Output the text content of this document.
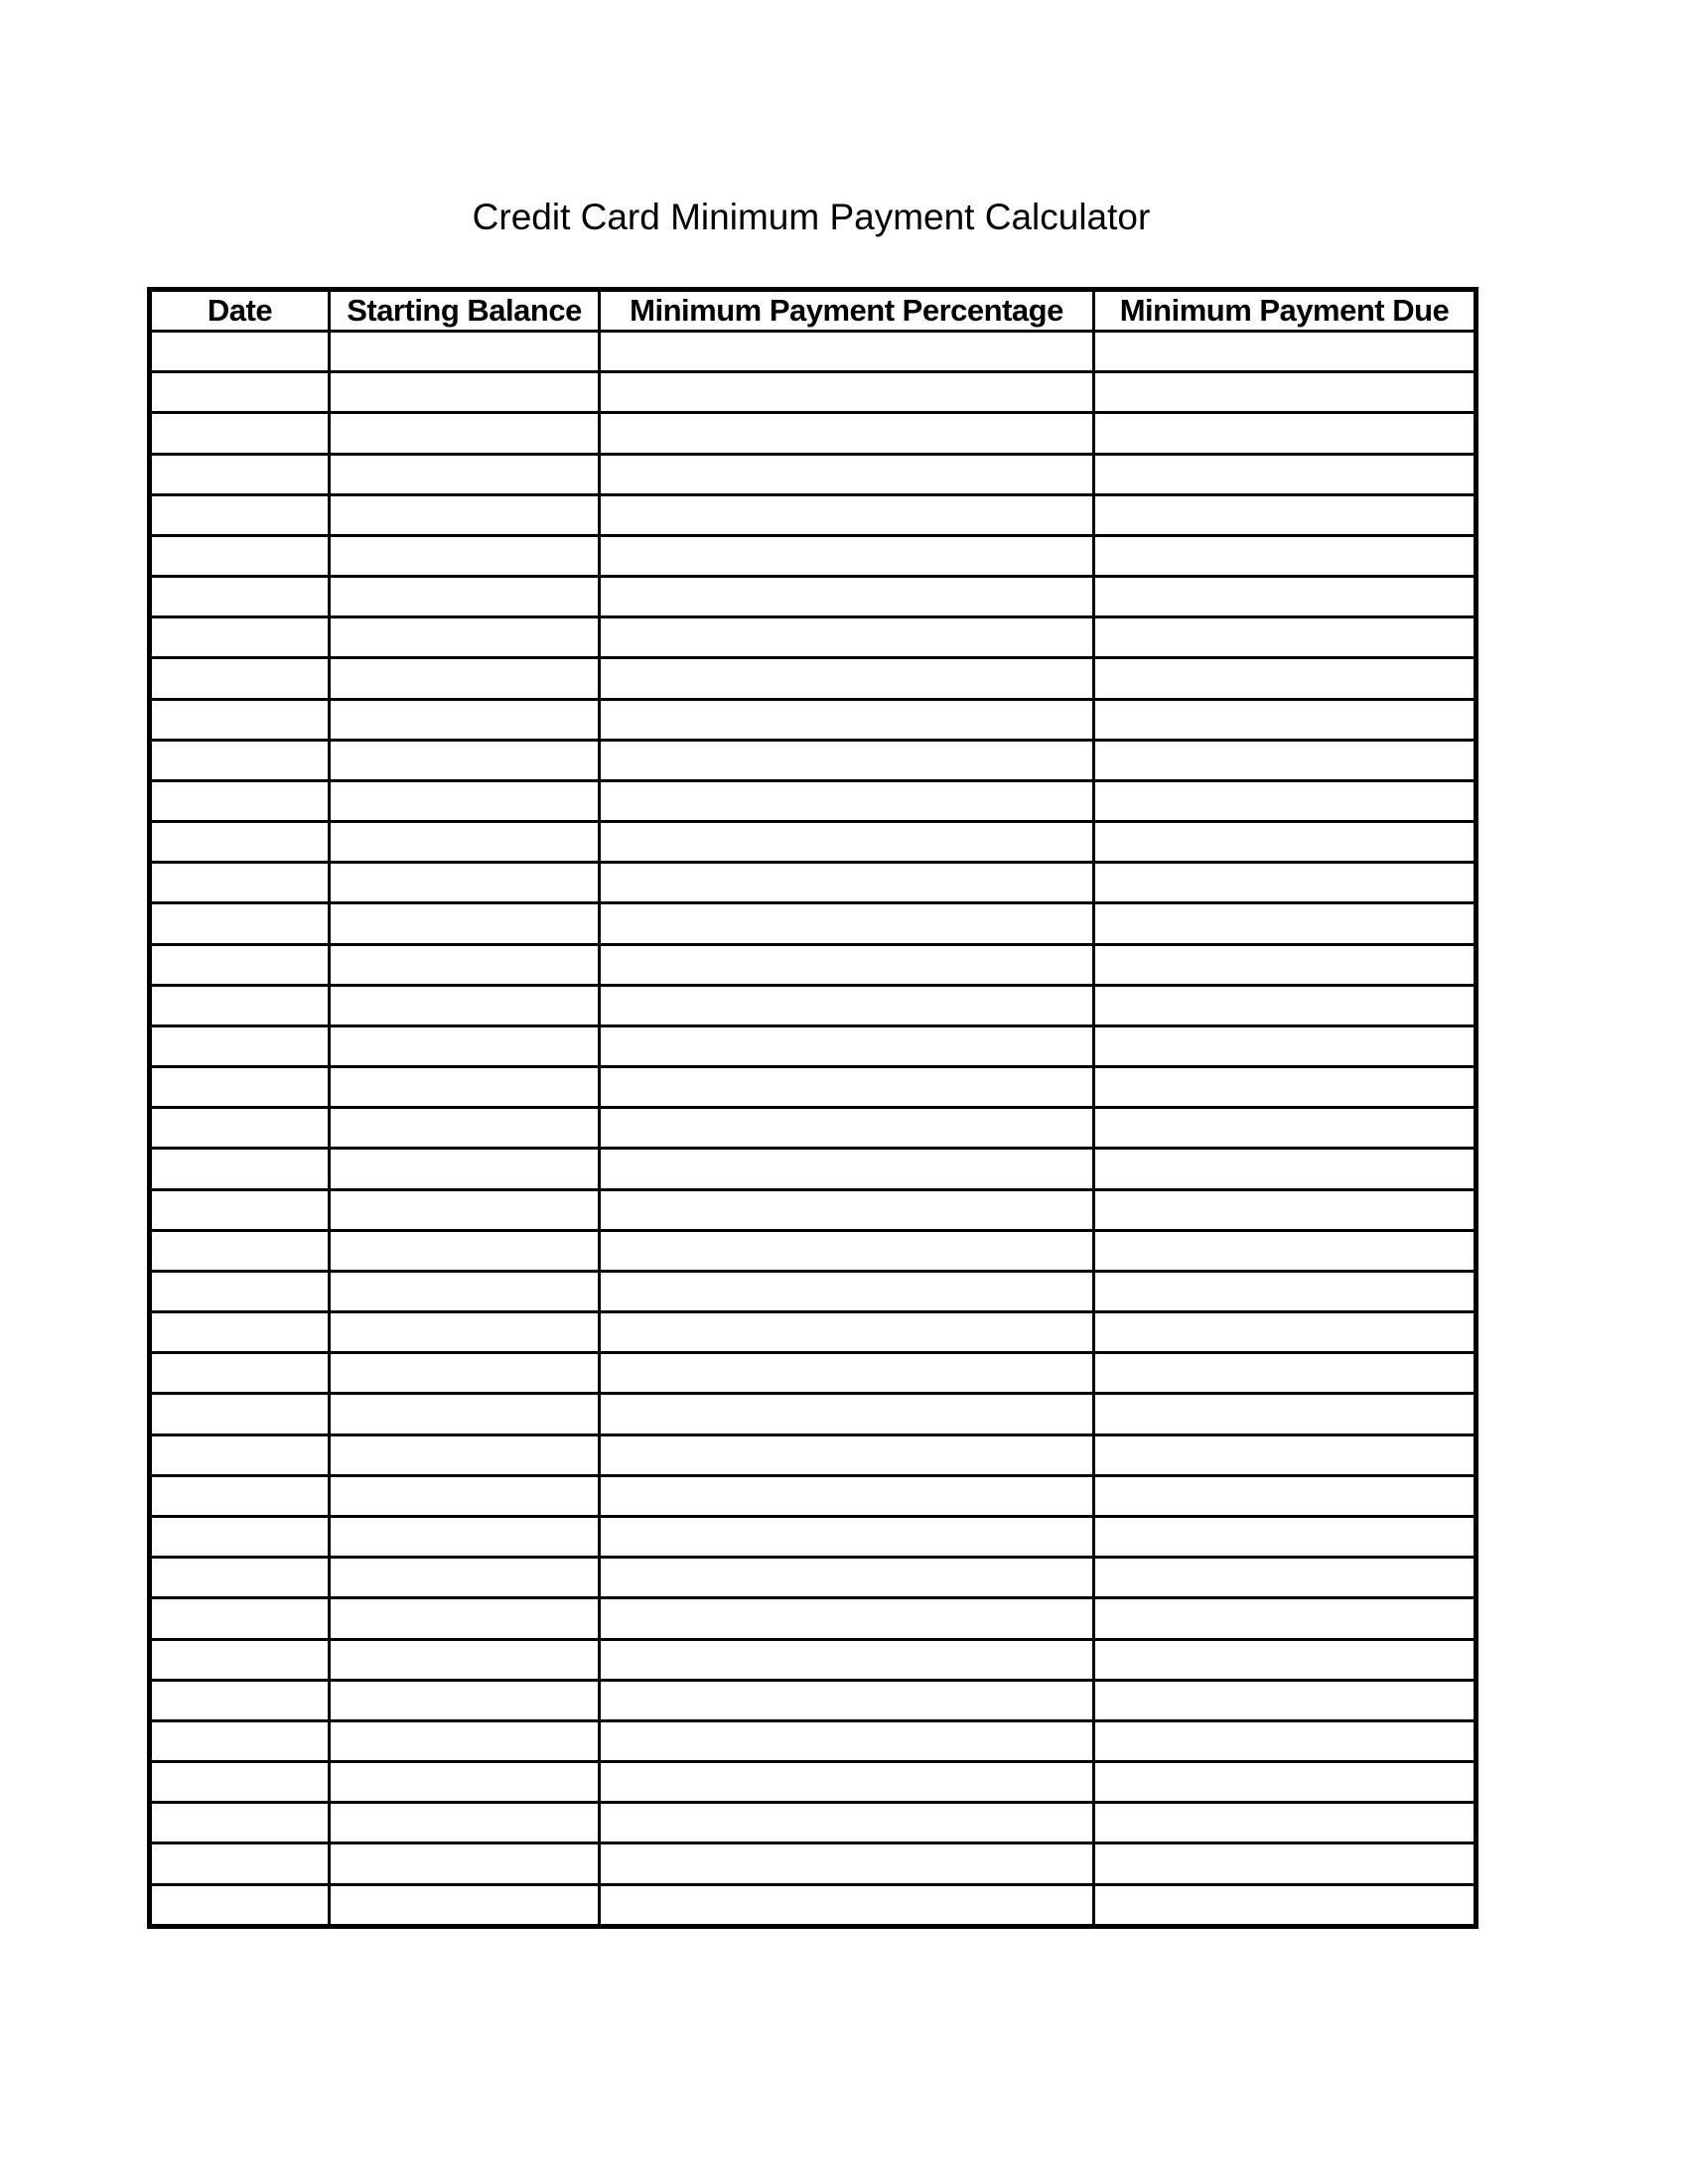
Credit Card Minimum Payment Calculator
Date	Starting Balance	Minimum Payment Percentage	Minimum Payment Due
